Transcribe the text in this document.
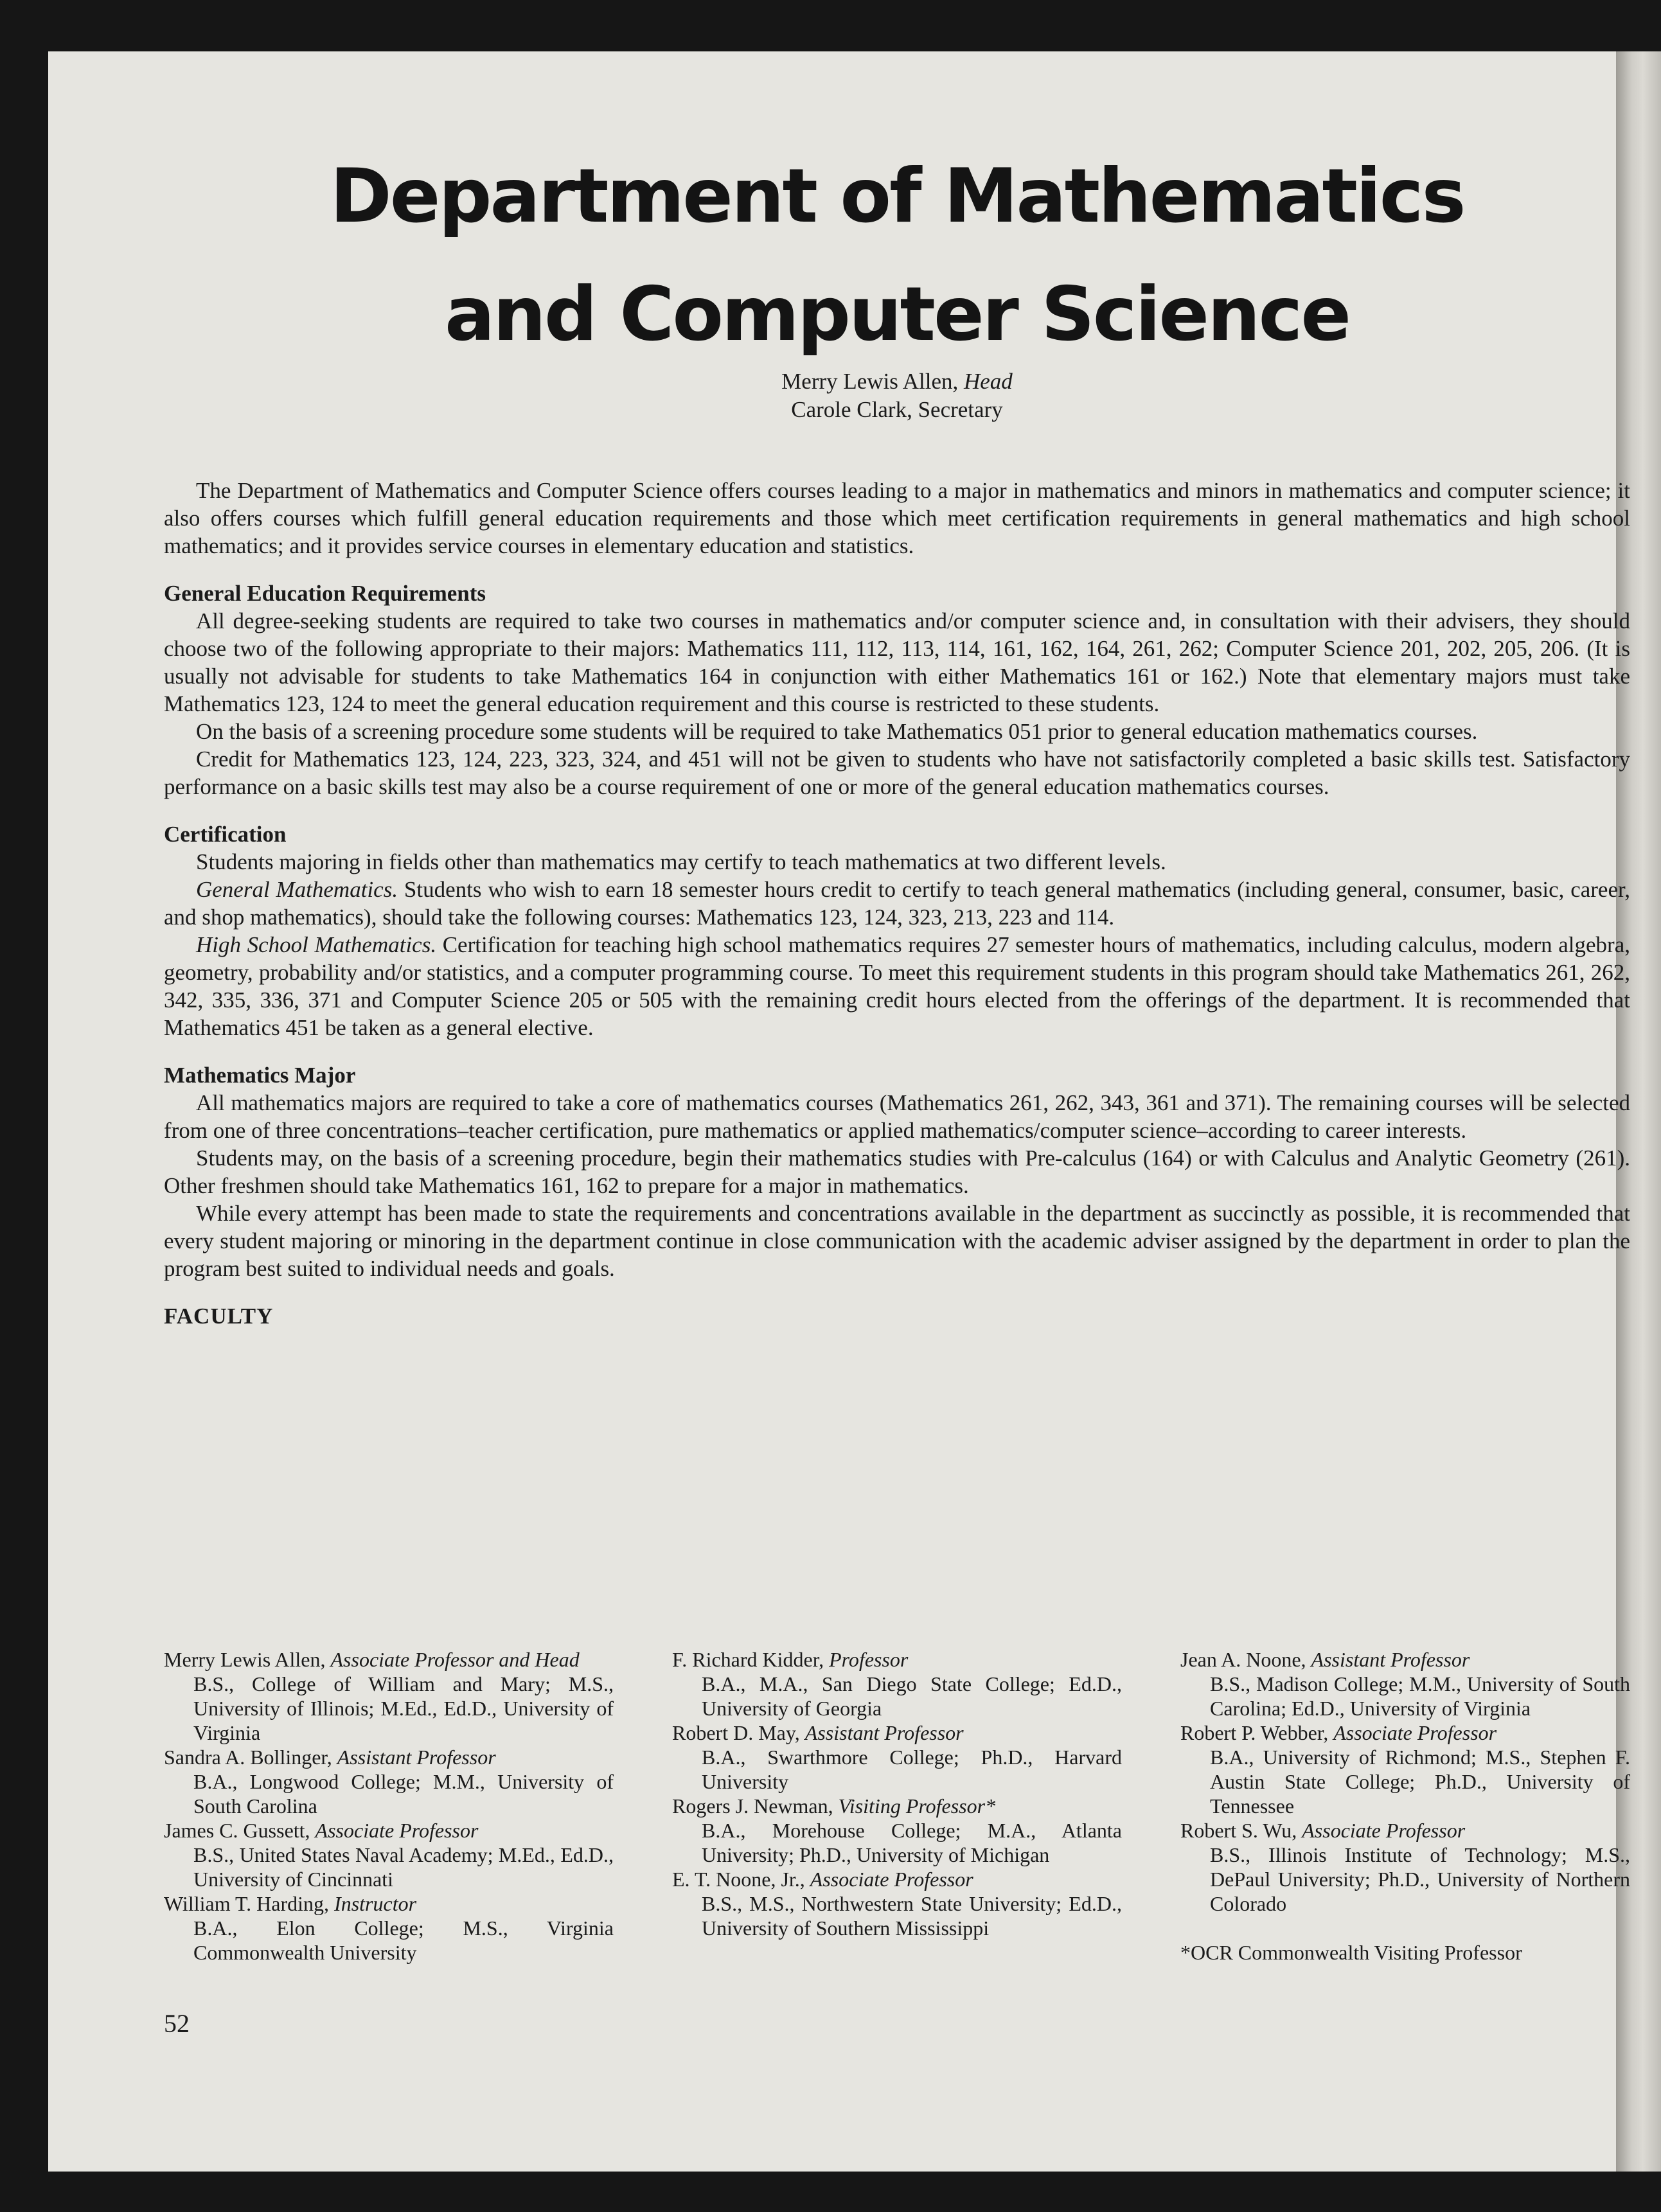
Department of Mathematics
and Computer Science
Merry Lewis Allen, Head
Carole Clark, Secretary

The Department of Mathematics and Computer Science offers courses leading to a major in mathematics and minors in mathematics and computer science; it also offers courses which fulfill general education requirements and those which meet certification requirements in general mathematics and high school mathematics; and it provides service courses in elementary education and statistics.

General Education Requirements

All degree-seeking students are required to take two courses in mathematics and/or computer science and, in consultation with their advisers, they should choose two of the following appropriate to their majors: Mathematics 111, 112, 113, 114, 161, 162, 164, 261, 262; Computer Science 201, 202, 205, 206. (It is usually not advisable for students to take Mathematics 164 in conjunction with either Mathematics 161 or 162.) Note that elementary majors must take Mathematics 123, 124 to meet the general education requirement and this course is restricted to these students.

On the basis of a screening procedure some students will be required to take Mathematics 051 prior to general education mathematics courses.

Credit for Mathematics 123, 124, 223, 323, 324, and 451 will not be given to students who have not satisfactorily completed a basic skills test. Satisfactory performance on a basic skills test may also be a course requirement of one or more of the general education mathematics courses.

Certification

Students majoring in fields other than mathematics may certify to teach mathematics at two different levels.

General Mathematics. Students who wish to earn 18 semester hours credit to certify to teach general mathematics (including general, consumer, basic, career, and shop mathematics), should take the following courses: Mathematics 123, 124, 323, 213, 223 and 114.

High School Mathematics. Certification for teaching high school mathematics requires 27 semester hours of mathematics, including calculus, modern algebra, geometry, probability and/or statistics, and a computer programming course. To meet this requirement students in this program should take Mathematics 261, 262, 342, 335, 336, 371 and Computer Science 205 or 505 with the remaining credit hours elected from the offerings of the department. It is recommended that Mathematics 451 be taken as a general elective.

Mathematics Major

All mathematics majors are required to take a core of mathematics courses (Mathematics 261, 262, 343, 361 and 371). The remaining courses will be selected from one of three concentrations–teacher certification, pure mathematics or applied mathematics/computer science–according to career interests.

Students may, on the basis of a screening procedure, begin their mathematics studies with Pre-calculus (164) or with Calculus and Analytic Geometry (261). Other freshmen should take Mathematics 161, 162 to prepare for a major in mathematics.

While every attempt has been made to state the requirements and concentrations available in the department as succinctly as possible, it is recommended that every student majoring or minoring in the department continue in close communication with the academic adviser assigned by the department in order to plan the program best suited to individual needs and goals.

FACULTY
Merry Lewis Allen, Associate Professor and Head
B.S., College of William and Mary; M.S., University of Illinois; M.Ed., Ed.D., University of Virginia
Sandra A. Bollinger, Assistant Professor
B.A., Longwood College; M.M., University of South Carolina
James C. Gussett, Associate Professor
B.S., United States Naval Academy; M.Ed., Ed.D., University of Cincinnati
William T. Harding, Instructor
B.A., Elon College; M.S., Virginia Commonwealth University
F. Richard Kidder, Professor
B.A., M.A., San Diego State College; Ed.D., University of Georgia
Robert D. May, Assistant Professor
B.A., Swarthmore College; Ph.D., Harvard University
Rogers J. Newman, Visiting Professor*
B.A., Morehouse College; M.A., Atlanta University; Ph.D., University of Michigan
E. T. Noone, Jr., Associate Professor
B.S., M.S., Northwestern State University; Ed.D., University of Southern Mississippi
Jean A. Noone, Assistant Professor
B.S., Madison College; M.M., University of South Carolina; Ed.D., University of Virginia
Robert P. Webber, Associate Professor
B.A., University of Richmond; M.S., Stephen F. Austin State College; Ph.D., University of Tennessee
Robert S. Wu, Associate Professor
B.S., Illinois Institute of Technology; M.S., DePaul University; Ph.D., University of Northern Colorado
*OCR Commonwealth Visiting Professor
52
